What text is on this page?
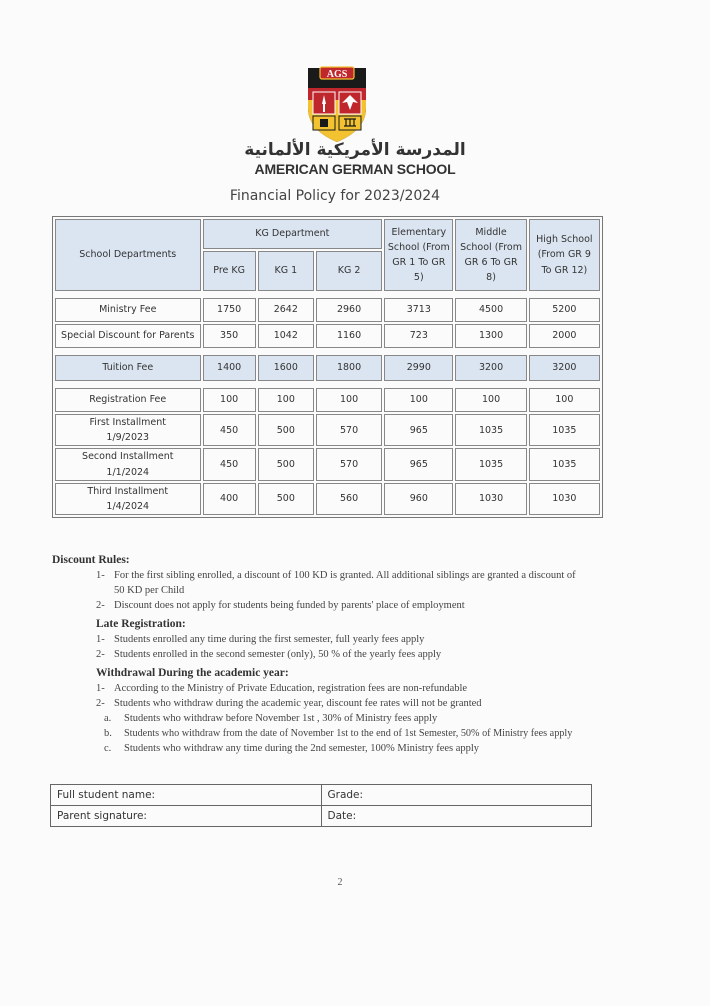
AGS
المدرسة الأمريكية الألمانية
AMERICAN GERMAN SCHOOL
Financial Policy for 2023/2024
School Departments	KG Department			Elementary School (From GR 1 To GR 5)	Middle School (From GR 6 To GR 8)	High School (From GR 9 To GR 12)
	Pre KG	KG 1	KG 2			

Ministry Fee	1750	2642	2960	3713	4500	5200
Special Discount for Parents	350	1042	1160	723	1300	2000

Tuition Fee	1400	1600	1800	2990	3200	3200

Registration Fee	100	100	100	100	100	100
First Installment
1/9/2023	450	500	570	965	1035	1035
Second Installment
1/1/2024	450	500	570	965	1035	1035
Third Installment
1/4/2024	400	500	560	960	1030	1030
Discount Rules:
1- For the first sibling enrolled, a discount of 100 KD is granted. All additional siblings are granted a discount of
50 KD per Child
2- Discount does not apply for students being funded by parents' place of employment
Late Registration:
1- Students enrolled any time during the first semester, full yearly fees apply
2- Students enrolled in the second semester (only), 50 % of the yearly fees apply
Withdrawal During the academic year:
1- According to the Ministry of Private Education, registration fees are non-refundable
2- Students who withdraw during the academic year, discount fee rates will not be granted
a. Students who withdraw before November 1st , 30% of Ministry fees apply
b. Students who withdraw from the date of November 1st to the end of 1st Semester, 50% of Ministry fees apply
c. Students who withdraw any time during the 2nd semester, 100% Ministry fees apply
Full student name:	Grade:
Parent signature:	Date:
2
